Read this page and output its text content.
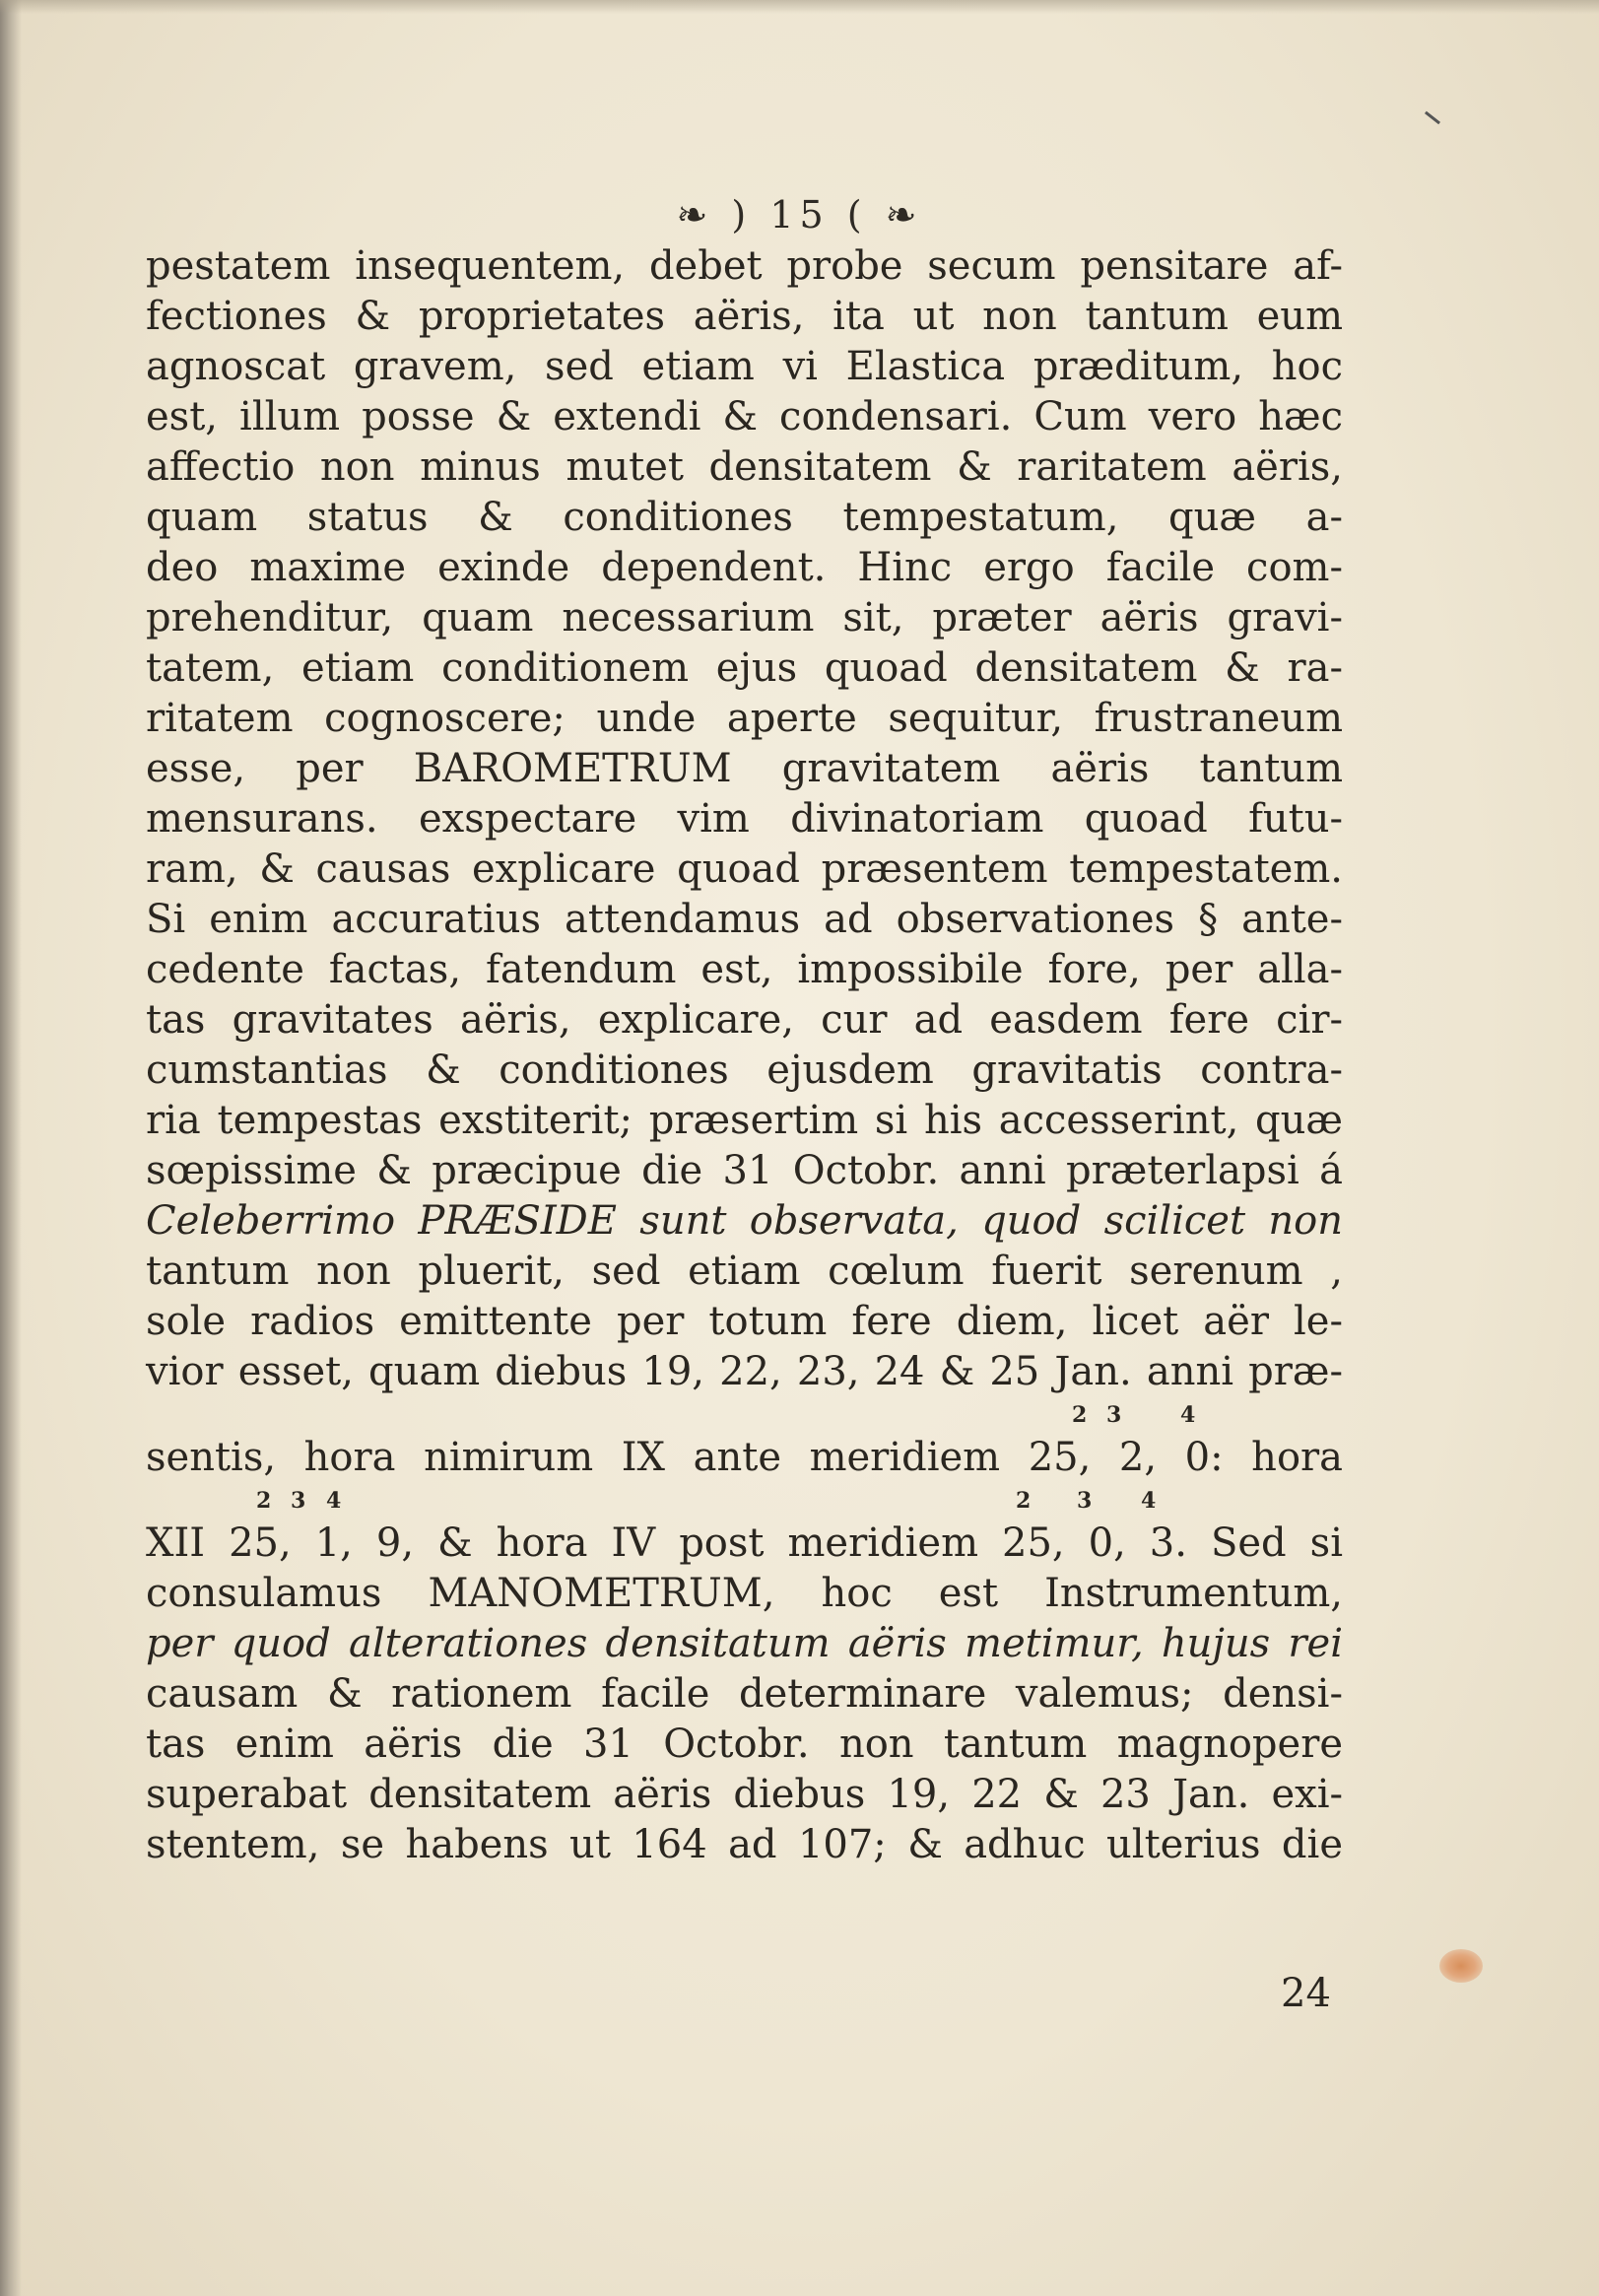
❧ ) 15 ( ❧
pestatem insequentem, debet probe secum pensitare af-
fectiones & proprietates aëris, ita ut non tantum eum
agnoscat gravem, sed etiam vi Elastica præditum, hoc
est, illum posse & extendi & condensari. Cum vero hæc
affectio non minus mutet densitatem & raritatem aëris,
quam status & conditiones tempestatum, quæ a-
deo maxime exinde dependent. Hinc ergo facile com-
prehenditur, quam necessarium sit, præter aëris gravi-
tatem, etiam conditionem ejus quoad densitatem & ra-
ritatem cognoscere; unde aperte sequitur, frustraneum
esse, per BAROMETRUM gravitatem aëris tantum
mensurans. exspectare vim divinatoriam quoad futu-
ram, & causas explicare quoad præsentem tempestatem.
Si enim accuratius attendamus ad observationes § ante-
cedente factas, fatendum est, impossibile fore, per alla-
tas gravitates aëris, explicare, cur ad easdem fere cir-
cumstantias & conditiones ejusdem gravitatis contra-
ria tempestas exstiterit; præsertim si his accesserint, quæ
sœpissime & præcipue die 31 Octobr. anni præterlapsi á
Celeberrimo PRÆSIDE sunt observata, quod scilicet non
tantum non pluerit, sed etiam cœlum fuerit serenum ,
sole radios emittente per totum fere diem, licet aër le-
vior esset, quam diebus 19, 22, 23, 24 & 25 Jan. anni præ-
2 3	4
sentis, hora nimirum IX ante meridiem 25, 2, 0: hora
2 3 4	2 3 4
XII 25, 1, 9, & hora IV post meridiem 25, 0, 3. Sed si
consulamus MANOMETRUM, hoc est Instrumentum,
per quod alterationes densitatum aëris metimur, hujus rei
causam & rationem facile determinare valemus; densi-
tas enim aëris die 31 Octobr. non tantum magnopere
superabat densitatem aëris diebus 19, 22 & 23 Jan. exi-
stentem, se habens ut 164 ad 107; & adhuc ulterius die
24
